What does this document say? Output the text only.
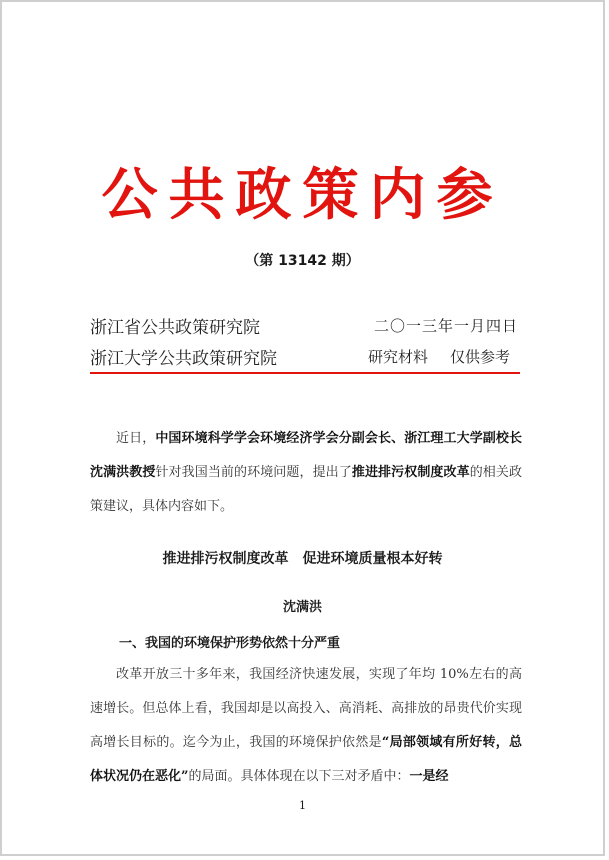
公共政策内参
（第 13142 期）
浙江省公共政策研究院	二〇一三年一月四日
浙江大学公共政策研究院	研究材料 仅供参考
近日，中国环境科学学会环境经济学会分副会长、浙江理工大学副校长沈满洪教授针对我国当前的环境问题，提出了推进排污权制度改革的相关政策建议，具体内容如下。
推进排污权制度改革　促进环境质量根本好转
沈满洪
一、我国的环境保护形势依然十分严重
改革开放三十多年来，我国经济快速发展，实现了年均 10%左右的高速增长。但总体上看，我国却是以高投入、高消耗、高排放的昂贵代价实现高增长目标的。迄今为止，我国的环境保护依然是“局部领域有所好转，总体状况仍在恶化”的局面。具体体现在以下三对矛盾中：一是经
1
